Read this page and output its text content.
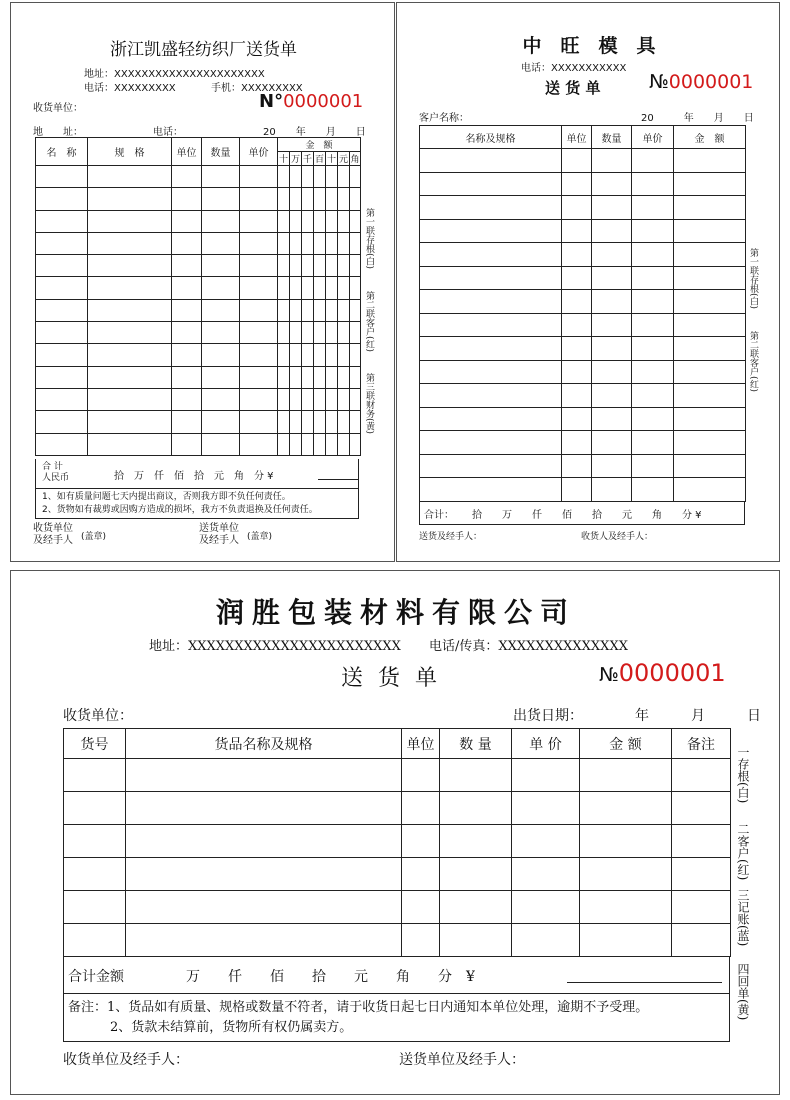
浙江凯盛轻纺织厂送货单
地址：XXXXXXXXXXXXXXXXXXXXXX
电话：XXXXXXXXX	手机：XXXXXXXXX
收货单位：	N°0000001
地　　址：	电话：	20　　年　　月　　日
名　称	规　格	单位	数量	单价	金　额						
					十	万	千	百	十	元	角

合 计
人民币	拾　万　仟　佰　拾　元　角　分 ¥
1、如有质量问题七天内提出商议，否则我方即不负任何责任。
2、货物如有裁剪或因购方造成的损坏，我方不负责退换及任何责任。
收货单位
及经手人 (盖章)
送货单位
及经手人 (盖章)
第一联存根(白)
第二联客户(红)
第三联财务(黄)
中　旺　模　具
电话：XXXXXXXXXXX
送 货 单	№0000001
客户名称：	20　　　年　　月　　日
名称及规格	单位	数量	单价	金　额

合计： 拾　　万　　仟　　佰　　拾　　元　　角　　分 ¥
送货及经手人：	收货人及经手人：
第一联存根(白)
第二联客户(红)
润胜包装材料有限公司
地址：XXXXXXXXXXXXXXXXXXXXXXX 电话/传真：XXXXXXXXXXXXXX
送 货 单	№0000001
收货单位：	出货日期：	年　　　月　　　日
货号	货品名称及规格	单位	数 量	单 价	金 额	备注

合计金额	万　　仟　　佰　　拾　　元　　角　　分　¥
备注：1、货品如有质量、规格或数量不符者，请于收货日起七日内通知本单位处理，逾期不予受理。
2、货款未结算前，货物所有权仍属卖方。
收货单位及经手人：	送货单位及经手人：
一存根(白)
二客户(红)
三记账(蓝)
四回单(黄)
